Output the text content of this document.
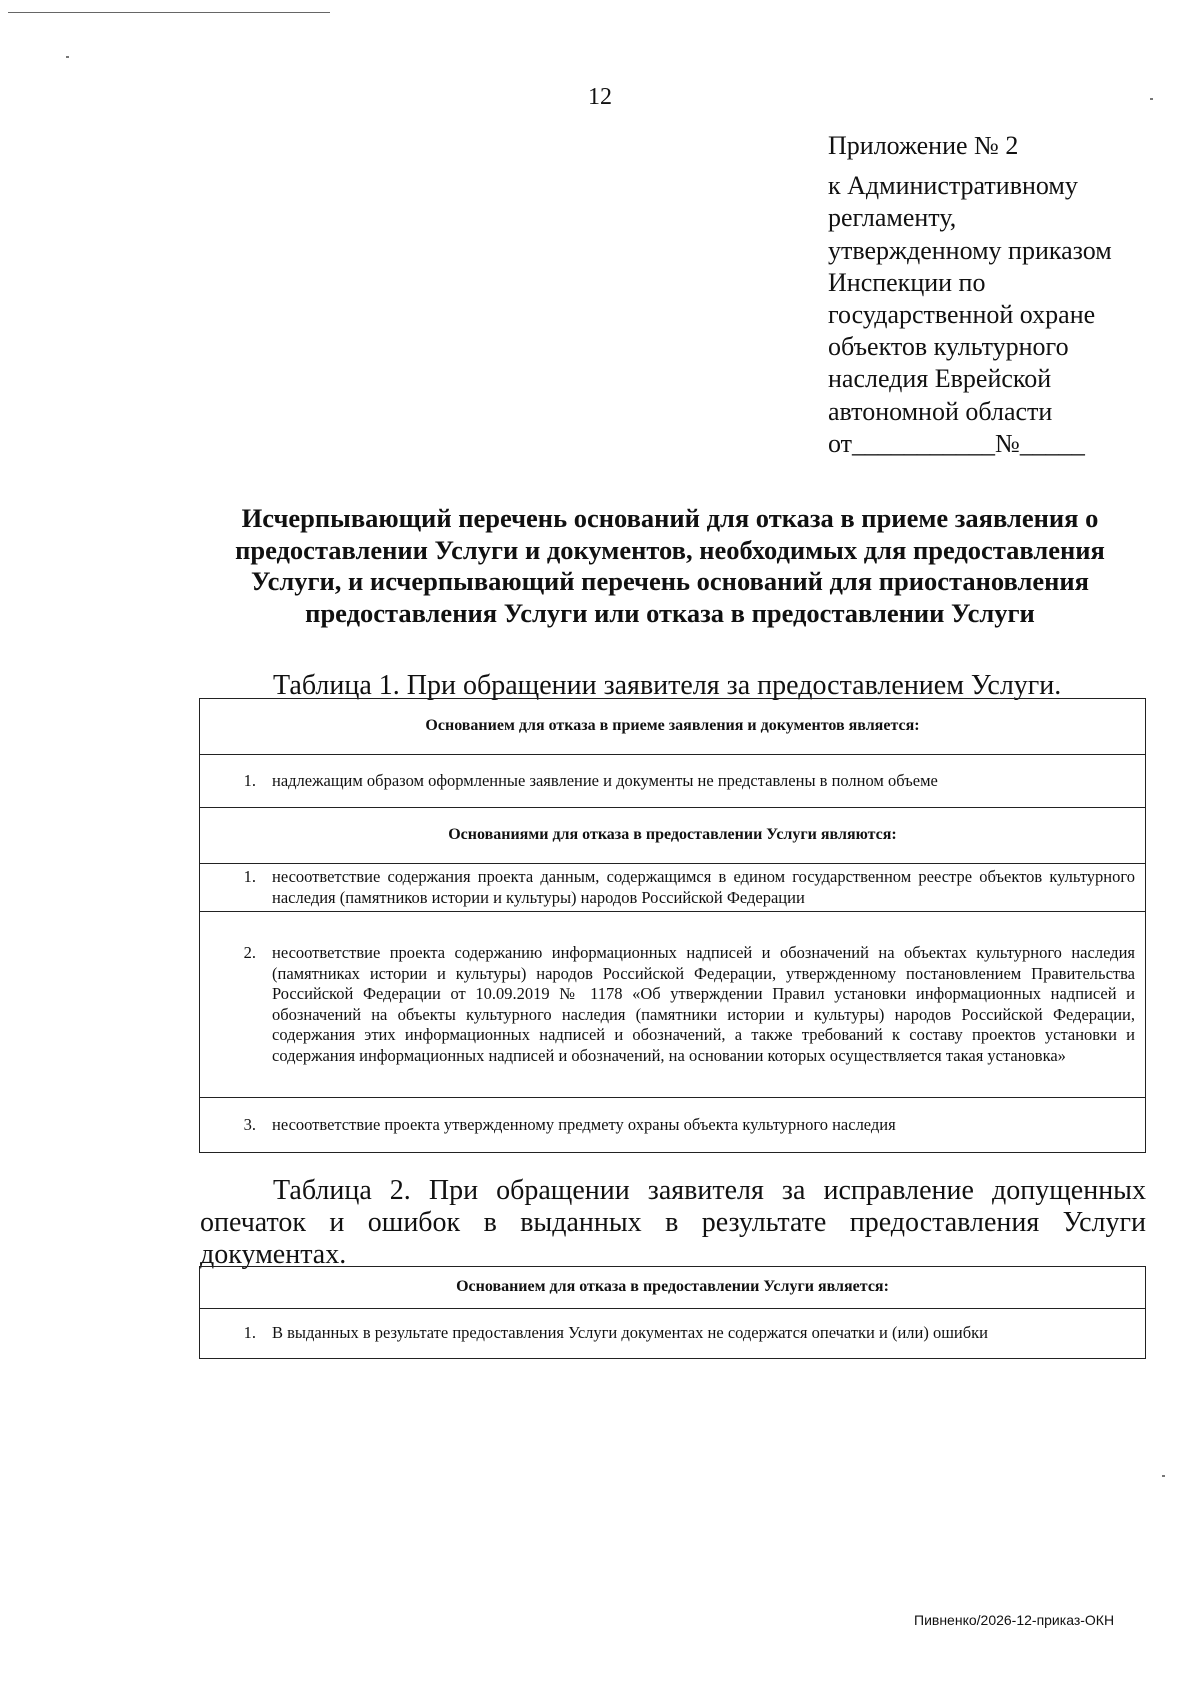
12
Приложение № 2
к Административному
регламенту,
утвержденному приказом
Инспекции по
государственной охране
объектов культурного
наследия Еврейской
автономной области
от___________№_____
Исчерпывающий перечень оснований для отказа в приеме заявления о
предоставлении Услуги и документов, необходимых для предоставления
Услуги, и исчерпывающий перечень оснований для приостановления
предоставления Услуги или отказа в предоставлении Услуги
Таблица 1. При обращении заявителя за предоставлением Услуги.
Основанием для отказа в приеме заявления и документов является:

1. надлежащим образом оформленные заявление и документы не представлены в полном объеме

Основаниями для отказа в предоставлении Услуги являются:

1. несоответствие содержания проекта данным, содержащимся в едином государственном реестре объектов культурного наследия (памятников истории и культуры) народов Российской Федерации

2. несоответствие проекта содержанию информационных надписей и обозначений на объектах культурного наследия (памятниках истории и культуры) народов Российской Федерации, утвержденному постановлением Правительства Российской Федерации от 10.09.2019 № 1178 «Об утверждении Правил установки информационных надписей и обозначений на объекты культурного наследия (памятники истории и культуры) народов Российской Федерации, содержания этих информационных надписей и обозначений, а также требований к составу проектов установки и содержания информационных надписей и обозначений, на основании которых осуществляется такая установка»

3. несоответствие проекта утвержденному предмету охраны объекта культурного наследия
Таблица 2. При обращении заявителя за исправление допущенных опечаток и ошибок в выданных в результате предоставления Услуги документах.
Основанием для отказа в предоставлении Услуги является:

1. В выданных в результате предоставления Услуги документах не содержатся опечатки и (или) ошибки
Пивненко/2026-12-приказ-ОКН
